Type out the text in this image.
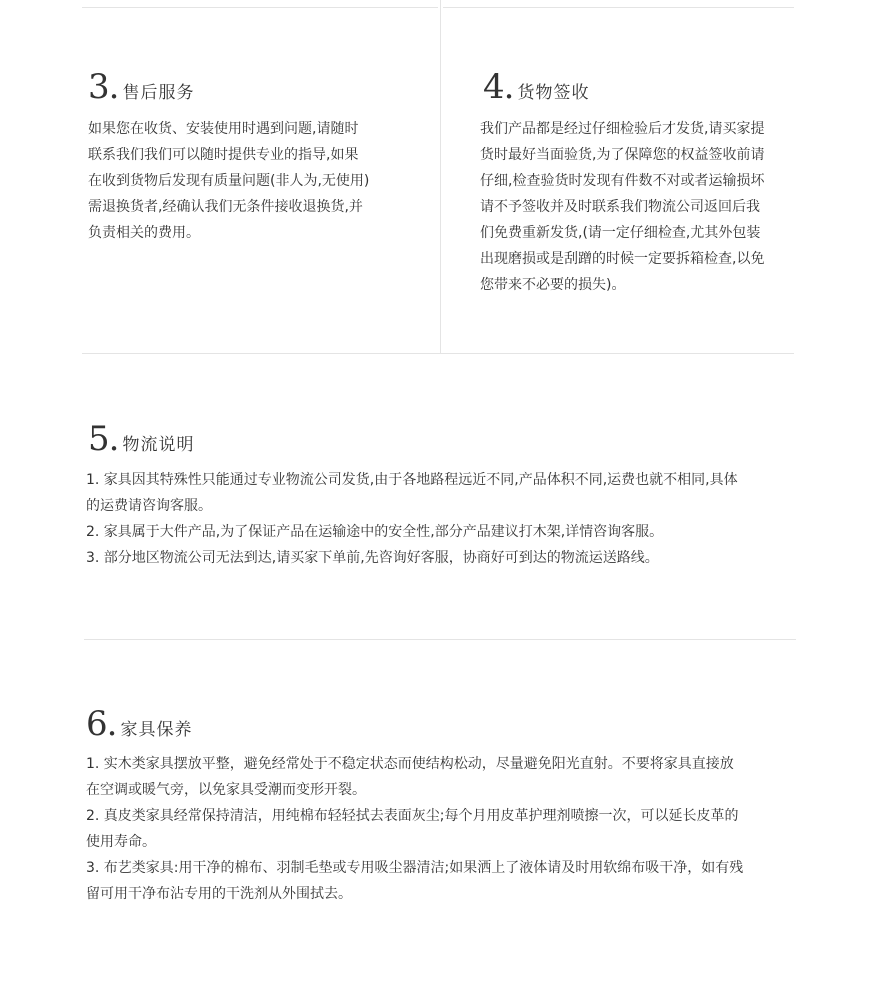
3. 售后服务
如果您在收货、安装使用时遇到问题,请随时
联系我们我们可以随时提供专业的指导,如果
在收到货物后发现有质量问题(非人为,无使用)
需退换货者,经确认我们无条件接收退换货,并
负责相关的费用。
4. 货物签收
我们产品都是经过仔细检验后才发货,请买家提
货时最好当面验货,为了保障您的权益签收前请
仔细,检查验货时发现有件数不对或者运输损坏
请不予签收并及时联系我们物流公司返回后我
们免费重新发货,(请一定仔细检查,尤其外包装
出现磨损或是刮蹭的时候一定要拆箱检查,以免
您带来不必要的损失)。
5. 物流说明
1. 家具因其特殊性只能通过专业物流公司发货,由于各地路程远近不同,产品体积不同,运费也就不相同,具体
的运费请咨询客服。
2. 家具属于大件产品,为了保证产品在运输途中的安全性,部分产品建议打木架,详情咨询客服。
3. 部分地区物流公司无法到达,请买家下单前,先咨询好客服，协商好可到达的物流运送路线。
6. 家具保养
1. 实木类家具摆放平整，避免经常处于不稳定状态而使结构松动，尽量避免阳光直射。不要将家具直接放
在空调或暖气旁，以免家具受潮而变形开裂。
2. 真皮类家具经常保持清洁，用纯棉布轻轻拭去表面灰尘;每个月用皮革护理剂喷擦一次，可以延长皮革的
使用寿命。
3. 布艺类家具:用干净的棉布、羽制毛垫或专用吸尘器清洁;如果洒上了液体请及时用软绵布吸干净，如有残
留可用干净布沾专用的干洗剂从外围拭去。
